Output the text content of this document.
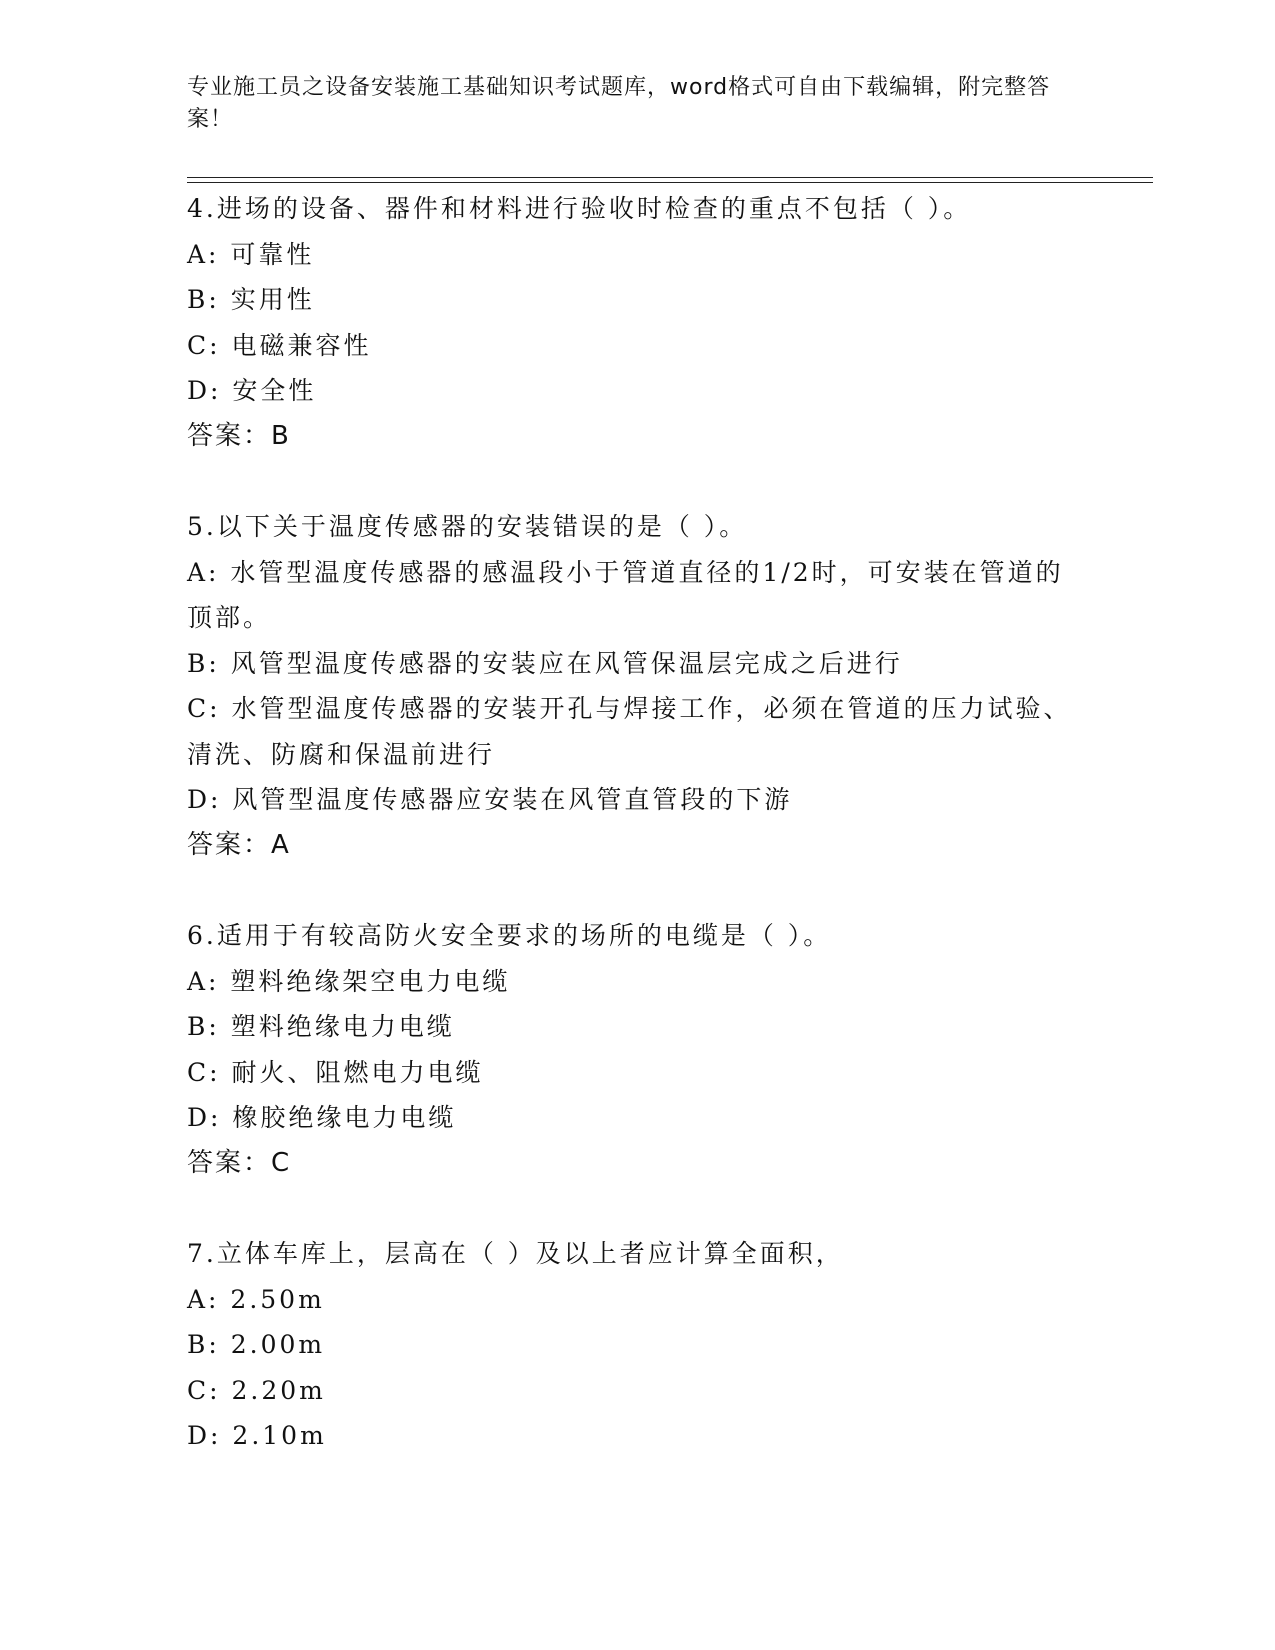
专业施工员之设备安装施工基础知识考试题库，word格式可自由下载编辑，附完整答案！
4.进场的设备、器件和材料进行验收时检查的重点不包括（ ）。
A: 可靠性
B: 实用性
C: 电磁兼容性
D: 安全性
答案：B
5.以下关于温度传感器的安装错误的是（ ）。
A: 水管型温度传感器的感温段小于管道直径的1/2时，可安装在管道的顶部。
B: 风管型温度传感器的安装应在风管保温层完成之后进行
C: 水管型温度传感器的安装开孔与焊接工作，必须在管道的压力试验、清洗、防腐和保温前进行
D: 风管型温度传感器应安装在风管直管段的下游
答案：A
6.适用于有较高防火安全要求的场所的电缆是（ ）。
A: 塑料绝缘架空电力电缆
B: 塑料绝缘电力电缆
C: 耐火、阻燃电力电缆
D: 橡胶绝缘电力电缆
答案：C
7.立体车库上，层高在（ ）及以上者应计算全面积，
A: 2.50m
B: 2.00m
C: 2.20m
D: 2.10m
